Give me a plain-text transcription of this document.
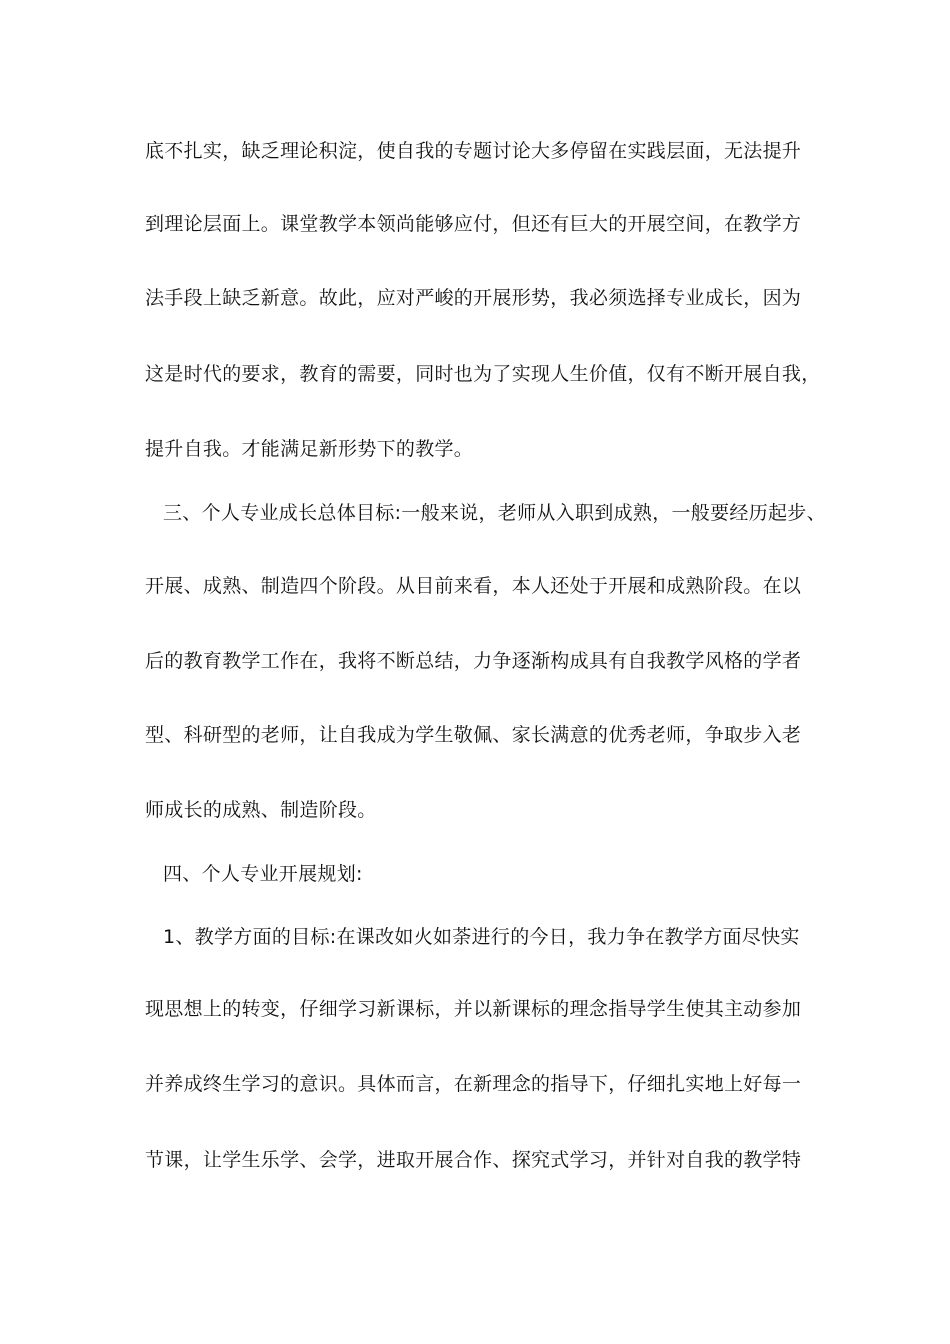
底不扎实，缺乏理论积淀，使自我的专题讨论大多停留在实践层面，无法提升
到理论层面上。课堂教学本领尚能够应付，但还有巨大的开展空间，在教学方
法手段上缺乏新意。故此，应对严峻的开展形势，我必须选择专业成长，因为
这是时代的要求，教育的需要，同时也为了实现人生价值，仅有不断开展自我，
提升自我。才能满足新形势下的教学。
三、个人专业成长总体目标:一般来说，老师从入职到成熟，一般要经历起步、
开展、成熟、制造四个阶段。从目前来看，本人还处于开展和成熟阶段。在以
后的教育教学工作在，我将不断总结，力争逐渐构成具有自我教学风格的学者
型、科研型的老师，让自我成为学生敬佩、家长满意的优秀老师，争取步入老
师成长的成熟、制造阶段。
四、个人专业开展规划:
1、教学方面的目标:在课改如火如荼进行的今日，我力争在教学方面尽快实
现思想上的转变，仔细学习新课标，并以新课标的理念指导学生使其主动参加
并养成终生学习的意识。具体而言，在新理念的指导下，仔细扎实地上好每一
节课，让学生乐学、会学，进取开展合作、探究式学习，并针对自我的教学特
